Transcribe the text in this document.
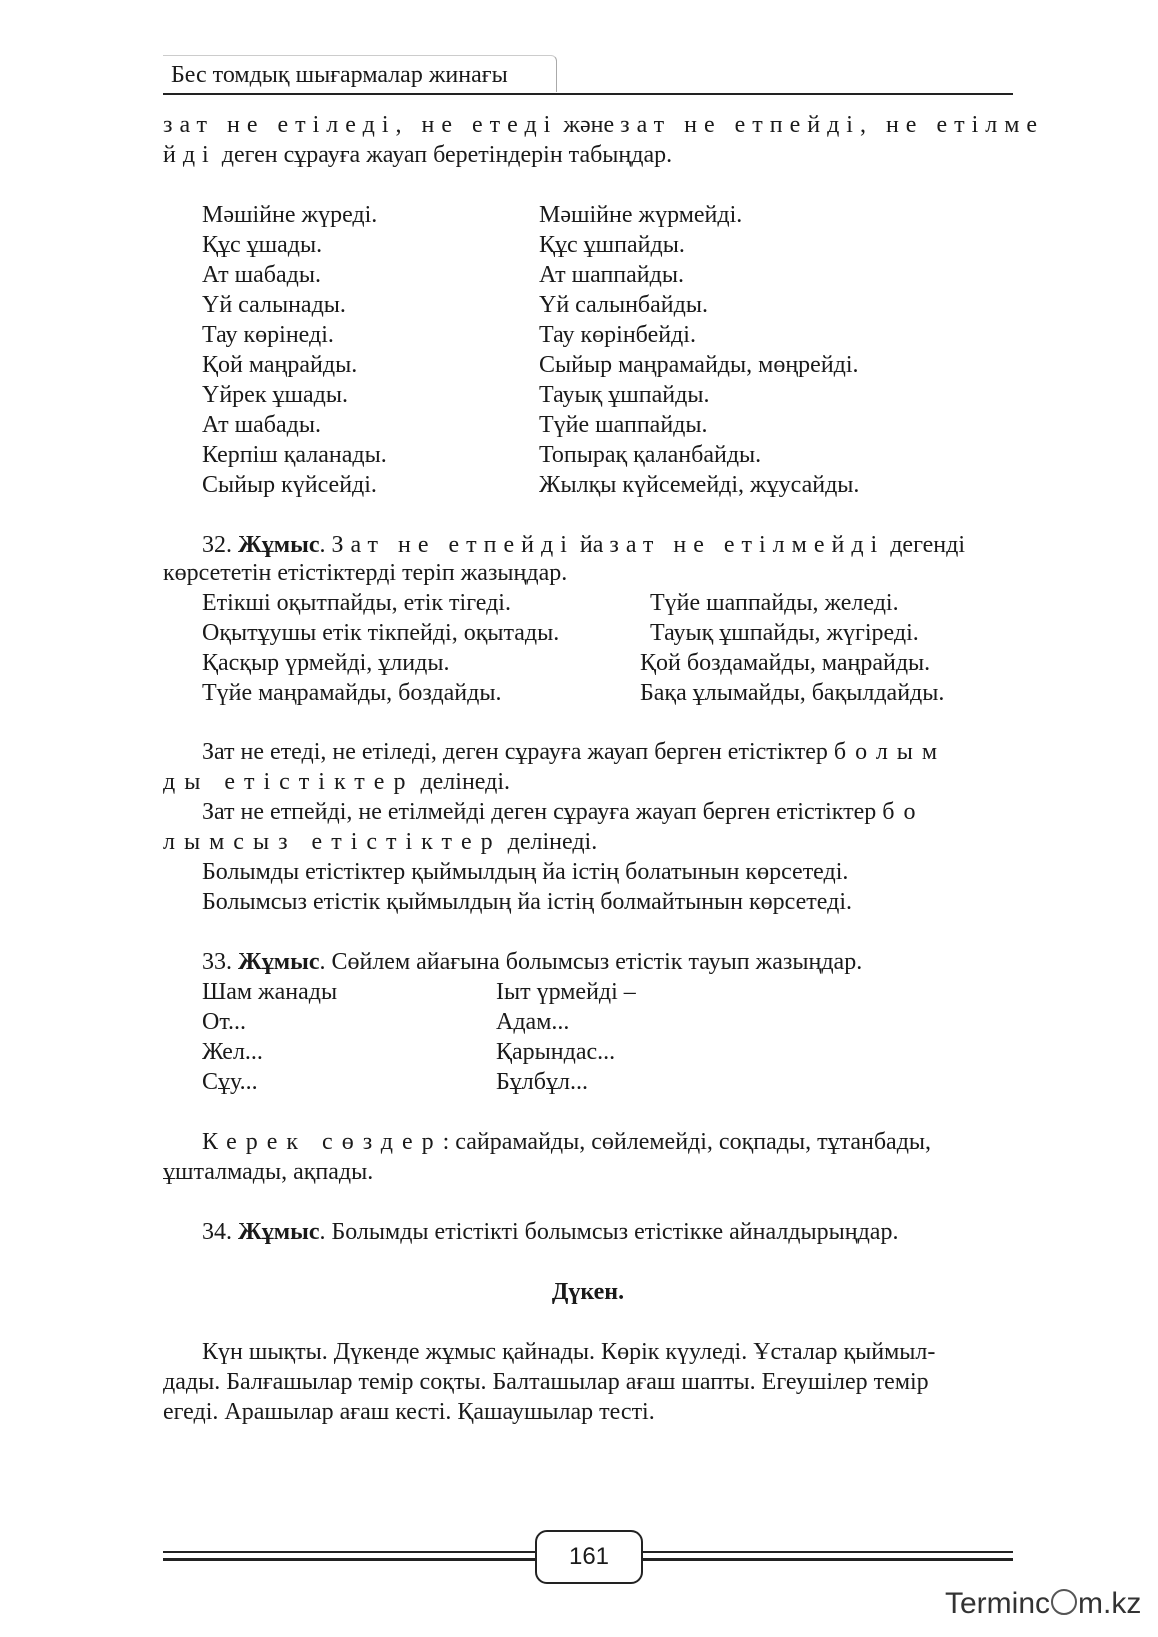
Бес томдық шығармалар жинағы
зат не етіледі, не етеді және зат не етпейді, не етілме
йді деген сұрауға жауап беретіндерін табыңдар.
Мәшійне жүреді.	Мәшійне жүрмейді.
Құс ұшады.	Құс ұшпайды.
Ат шабады.	Ат шаппайды.
Үй салынады.	Үй салынбайды.
Тау көрінеді.	Тау көрінбейді.
Қой маңрайды.	Сыйыр маңрамайды, мөңрейді.
Үйрек ұшады.	Тауық ұшпайды.
Ат шабады.	Түйе шаппайды.
Керпіш қаланады.	Топырақ қаланбайды.
Сыйыр күйсейді.	Жылқы күйсемейді, жұусайды.
32. Жұмыс. Зат не етпейді йа зат не етілмейді дегенді
көрсететін етістіктерді теріп жазыңдар.
Етікші оқытпайды, етік тігеді.	Түйе шаппайды, желеді.
Оқытұушы етік тікпейді, оқытады.	Тауық ұшпайды, жүгіреді.
Қасқыр үрмейді, ұлиды.	Қой боздамайды, маңрайды.
Түйе маңрамайды, боздайды.	Бақа ұлымайды, бақылдайды.
Зат не етеді, не етіледі, деген сұрауға жауап берген етістіктер болым
ды етістіктер делінеді.
Зат не етпейді, не етілмейді деген сұрауға жауап берген етістіктер бо
лымсыз етістіктер делінеді.
Болымды етістіктер қыймылдың йа істің болатынын көрсетеді.
Болымсыз етістік қыймылдың йа істің болмайтынын көрсетеді.
33. Жұмыс. Сөйлем айағына болымсыз етістік тауып жазыңдар.
Шам жанады	Іыт үрмейді –
От...	Адам...
Жел...	Қарындас...
Сұу...	Бұлбұл...
Керек сөздер: сайрамайды, сөйлемейді, соқпады, тұтанбады,
ұшталмады, ақпады.
34. Жұмыс. Болымды етістікті болымсыз етістікке айналдырыңдар.
Дүкен.
Күн шықты. Дүкенде жұмыс қайнады. Көрік күуледі. Ұсталар қыймыл-
дады. Балғашылар темір соқты. Балташылар ағаш шапты. Егеушілер темір
егеді. Арашылар ағаш кесті. Қашаушылар тесті.
161
Terminc m.kz
